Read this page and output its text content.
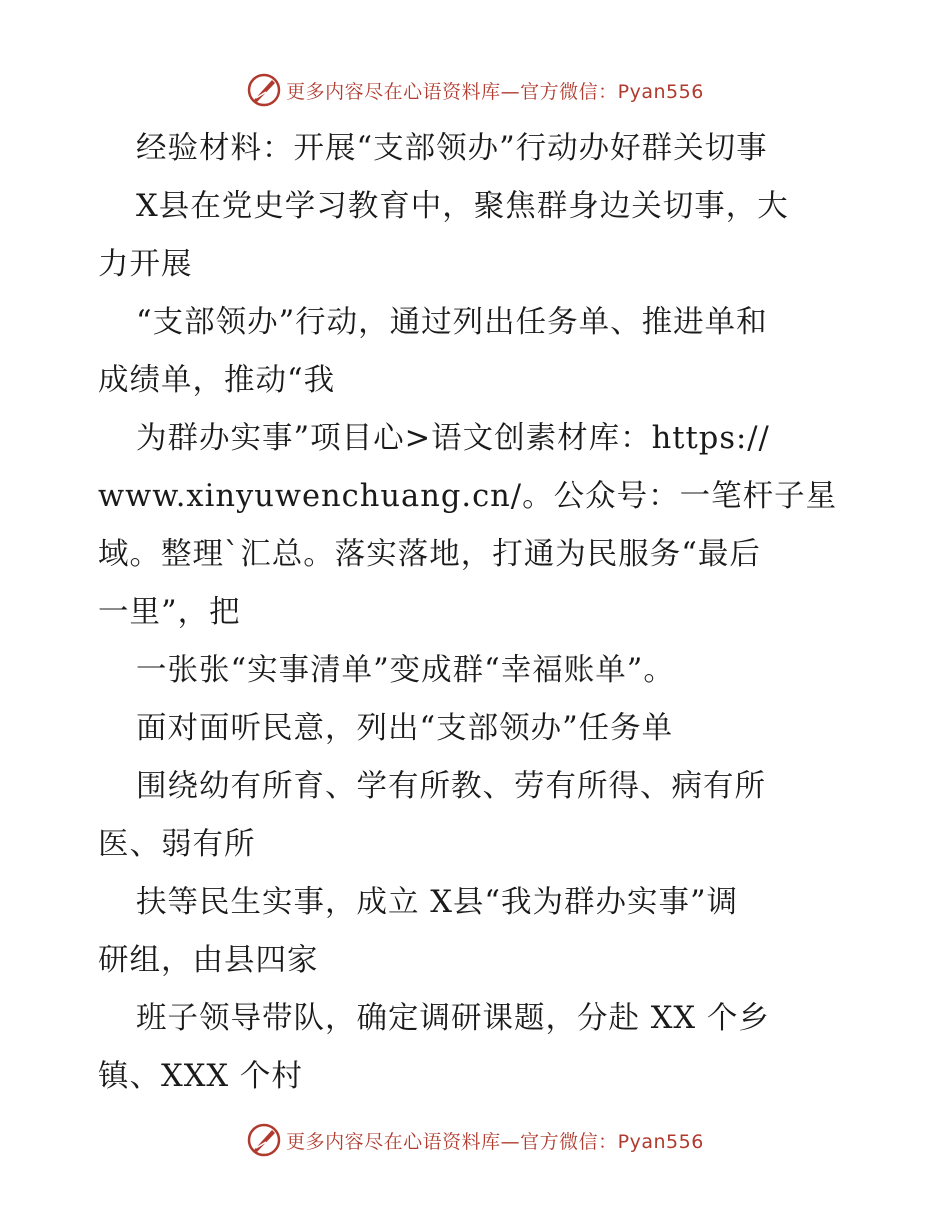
更多内容尽在心语资料库—官方微信：Pyan556
经验材料：开展“支部领办”行动办好群关切事
X县在党史学习教育中，聚焦群身边关切事，大
力开展
“支部领办”行动，通过列出任务单、推进单和
成绩单，推动“我
为群办实事”项目心>语文创素材库：https://
www.xinyuwenchuang.cn/。公众号：一笔杆子星
域。整理`汇总。落实落地，打通为民服务“最后
一里”，把
一张张“实事清单”变成群“幸福账单”。
面对面听民意，列出“支部领办”任务单
围绕幼有所育、学有所教、劳有所得、病有所
医、弱有所
扶等民生实事，成立 X县“我为群办实事”调
研组，由县四家
班子领导带队，确定调研课题，分赴 XX 个乡
镇、XXX 个村
更多内容尽在心语资料库—官方微信：Pyan556
